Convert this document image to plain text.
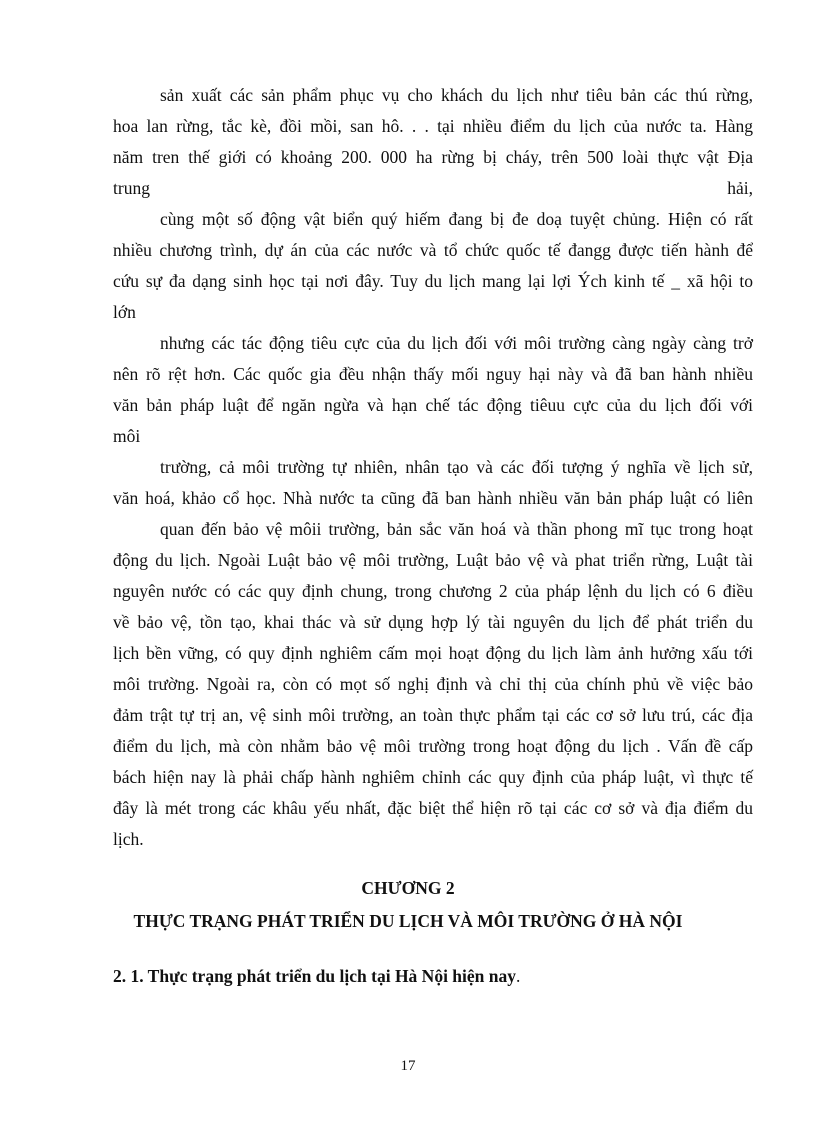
sản xuất các sản phẩm phục vụ cho khách du lịch như tiêu bản các thú rừng,
hoa lan rừng, tắc kè, đồi mồi, san hô. . . tại nhiều điểm du lịch của nước ta. Hàng
năm tren thế giới có khoảng 200. 000 ha rừng bị cháy, trên 500 loài thực vật Địa
trung	hải,
cùng một số động vật biển quý hiếm đang bị đe doạ tuyệt chủng. Hiện có rất
nhiều chương trình, dự án của các nước và tổ chức quốc tế đangg được tiến hành để
cứu sự đa dạng sinh học tại nơi đây. Tuy du lịch mang lại lợi Ých kinh tế _ xã hội to
lớn
nhưng các tác động tiêu cực của du lịch đối với môi trường càng ngày càng trở
nên rõ rệt hơn. Các quốc gia đều nhận thấy mối nguy hại này và đã ban hành nhiều
văn bản pháp luật để ngăn ngừa và hạn chế tác động tiêuu cực của du lịch đối với
môi
trường, cả môi trường tự nhiên, nhân tạo và các đối tượng ý nghĩa về lịch sử,
văn hoá, khảo cổ học. Nhà nước ta cũng đã ban hành nhiều văn bản pháp luật có liên
quan đến bảo vệ môii trường, bản sắc văn hoá và thần phong mĩ tục trong hoạt
động du lịch. Ngoài Luật bảo vệ môi trường, Luật bảo vệ và phat triển rừng, Luật tài
nguyên nước có các quy định chung, trong chương 2 của pháp lệnh du lịch có 6 điều
về bảo vệ, tồn tạo, khai thác và sử dụng hợp lý tài nguyên du lịch để phát triển du
lịch bền vững, có quy định nghiêm cấm mọi hoạt động du lịch làm ảnh hưởng xấu tới
môi trường. Ngoài ra, còn có mọt số nghị định và chỉ thị của chính phủ về việc bảo
đảm trật tự trị an, vệ sinh môi trường, an toàn thực phẩm tại các cơ sở lưu trú, các địa
điểm du lịch, mà còn nhằm bảo vệ môi trường trong hoạt động du lịch . Vấn đề cấp
bách hiện nay là phải chấp hành nghiêm chỉnh các quy định của pháp luật, vì thực tế
đây là mét trong các khâu yếu nhất, đặc biệt thể hiện rõ tại các cơ sở và địa điểm du
lịch.
CHƯƠNG 2
THỰC TRẠNG PHÁT TRIỂN DU LỊCH VÀ MÔI TRƯỜNG Ở HÀ NỘI
2. 1. Thực trạng phát triển du lịch tại Hà Nội hiện nay.
17
